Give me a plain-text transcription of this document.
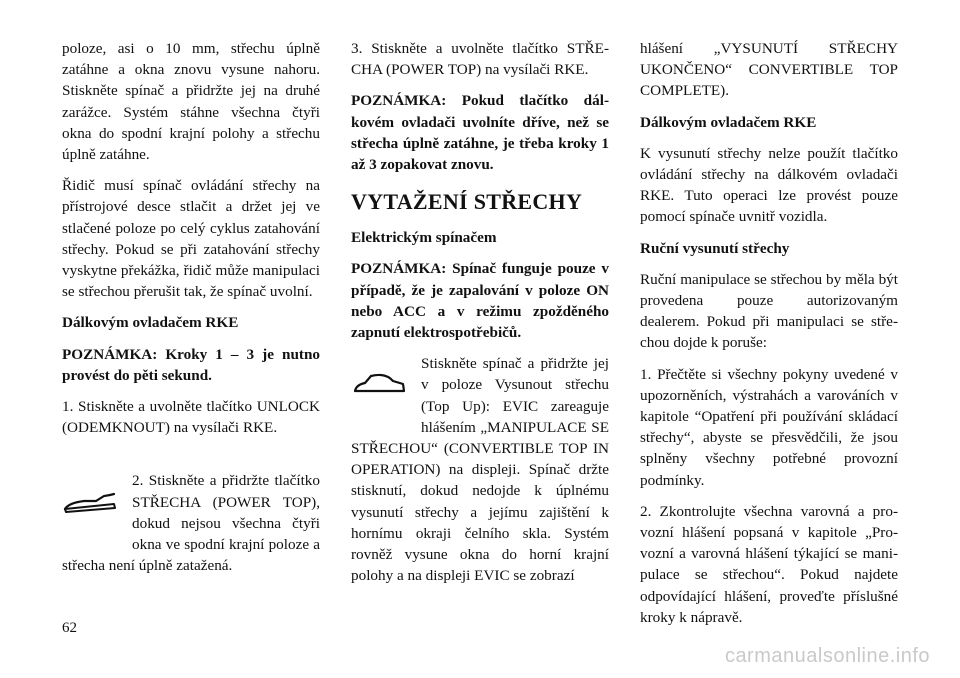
poloze, asi o 10 mm, střechu úplně zatáhne a okna znovu vysune nahoru. Stiskněte spínač a přidržte jej na druhé zarážce. Systém stáhne všechna čtyři okna do spodní krajní polohy a střechu úplně zatáhne.

Řidič musí spínač ovládání střechy na přístrojové desce stlačit a držet jej ve stlačené poloze po celý cyklus zatahování střechy. Pokud se při zatahování střechy vyskytne překážka, řidič může manipulaci se střechou přerušit tak, že spínač uvolní.

Dálkovým ovladačem RKE

POZNÁMKA: Kroky 1 – 3 je nutno provést do pěti sekund.

1. Stiskněte a uvolněte tlačítko UNLOCK (ODEMKNOUT) na vysílači RKE.

2. Stiskněte a přidržte tlačítko STŘECHA (POWER TOP), dokud nejsou všechna čtyři okna ve spodní krajní poloze a střecha není úplně zatažená.

3. Stiskněte a uvolněte tlačítko STŘECHA (POWER TOP) na vysílači RKE.

POZNÁMKA: Pokud tlačítko dálkovém ovladači uvolníte dříve, než se střecha úplně zatáhne, je třeba kroky 1 až 3 zopakovat znovu.

VYTAŽENÍ STŘECHY

Elektrickým spínačem

POZNÁMKA: Spínač funguje pouze v případě, že je zapalování v poloze ON nebo ACC a v režimu zpožděného zapnutí elektrospotřebičů.

Stiskněte spínač a přidržte jej v poloze Vysunout střechu (Top Up): EVIC zareaguje hlášením „MANIPULACE SE STŘECHOU“ (CONVERTIBLE TOP IN OPERATION) na displeji. Spínač držte stisknutí, dokud nedojde k úplnému vysunutí střechy a jejímu zajištění k hornímu okraji čelního skla. Systém rovněž vysune okna do horní krajní polohy a na displeji EVIC se zobrazí

hlášení „VYSUNUTÍ STŘECHY UKONČENO“ CONVERTIBLE TOP COMPLETE).

Dálkovým ovladačem RKE

K vysunutí střechy nelze použít tlačítko ovládání střechy na dálkovém ovladači RKE. Tuto operaci lze provést pouze pomocí spínače uvnitř vozidla.

Ruční vysunutí střechy

Ruční manipulace se střechou by měla být provedena pouze autorizovaným dealerem. Pokud při manipulaci se střechou dojde k poruše:

1. Přečtěte si všechny pokyny uvedené v upozorněních, výstrahách a varováních v kapitole “Opatření při používání skládací střechy“, abyste se přesvědčili, že jsou splněny všechny potřebné provozní podmínky.

2. Zkontrolujte všechna varovná a provozní hlášení popsaná v kapitole „Provozní a varovná hlášení týkající se manipulace se střechou“. Pokud najdete odpovídající hlášení, proveďte příslušné kroky k nápravě.

62
carmanualsonline.info
